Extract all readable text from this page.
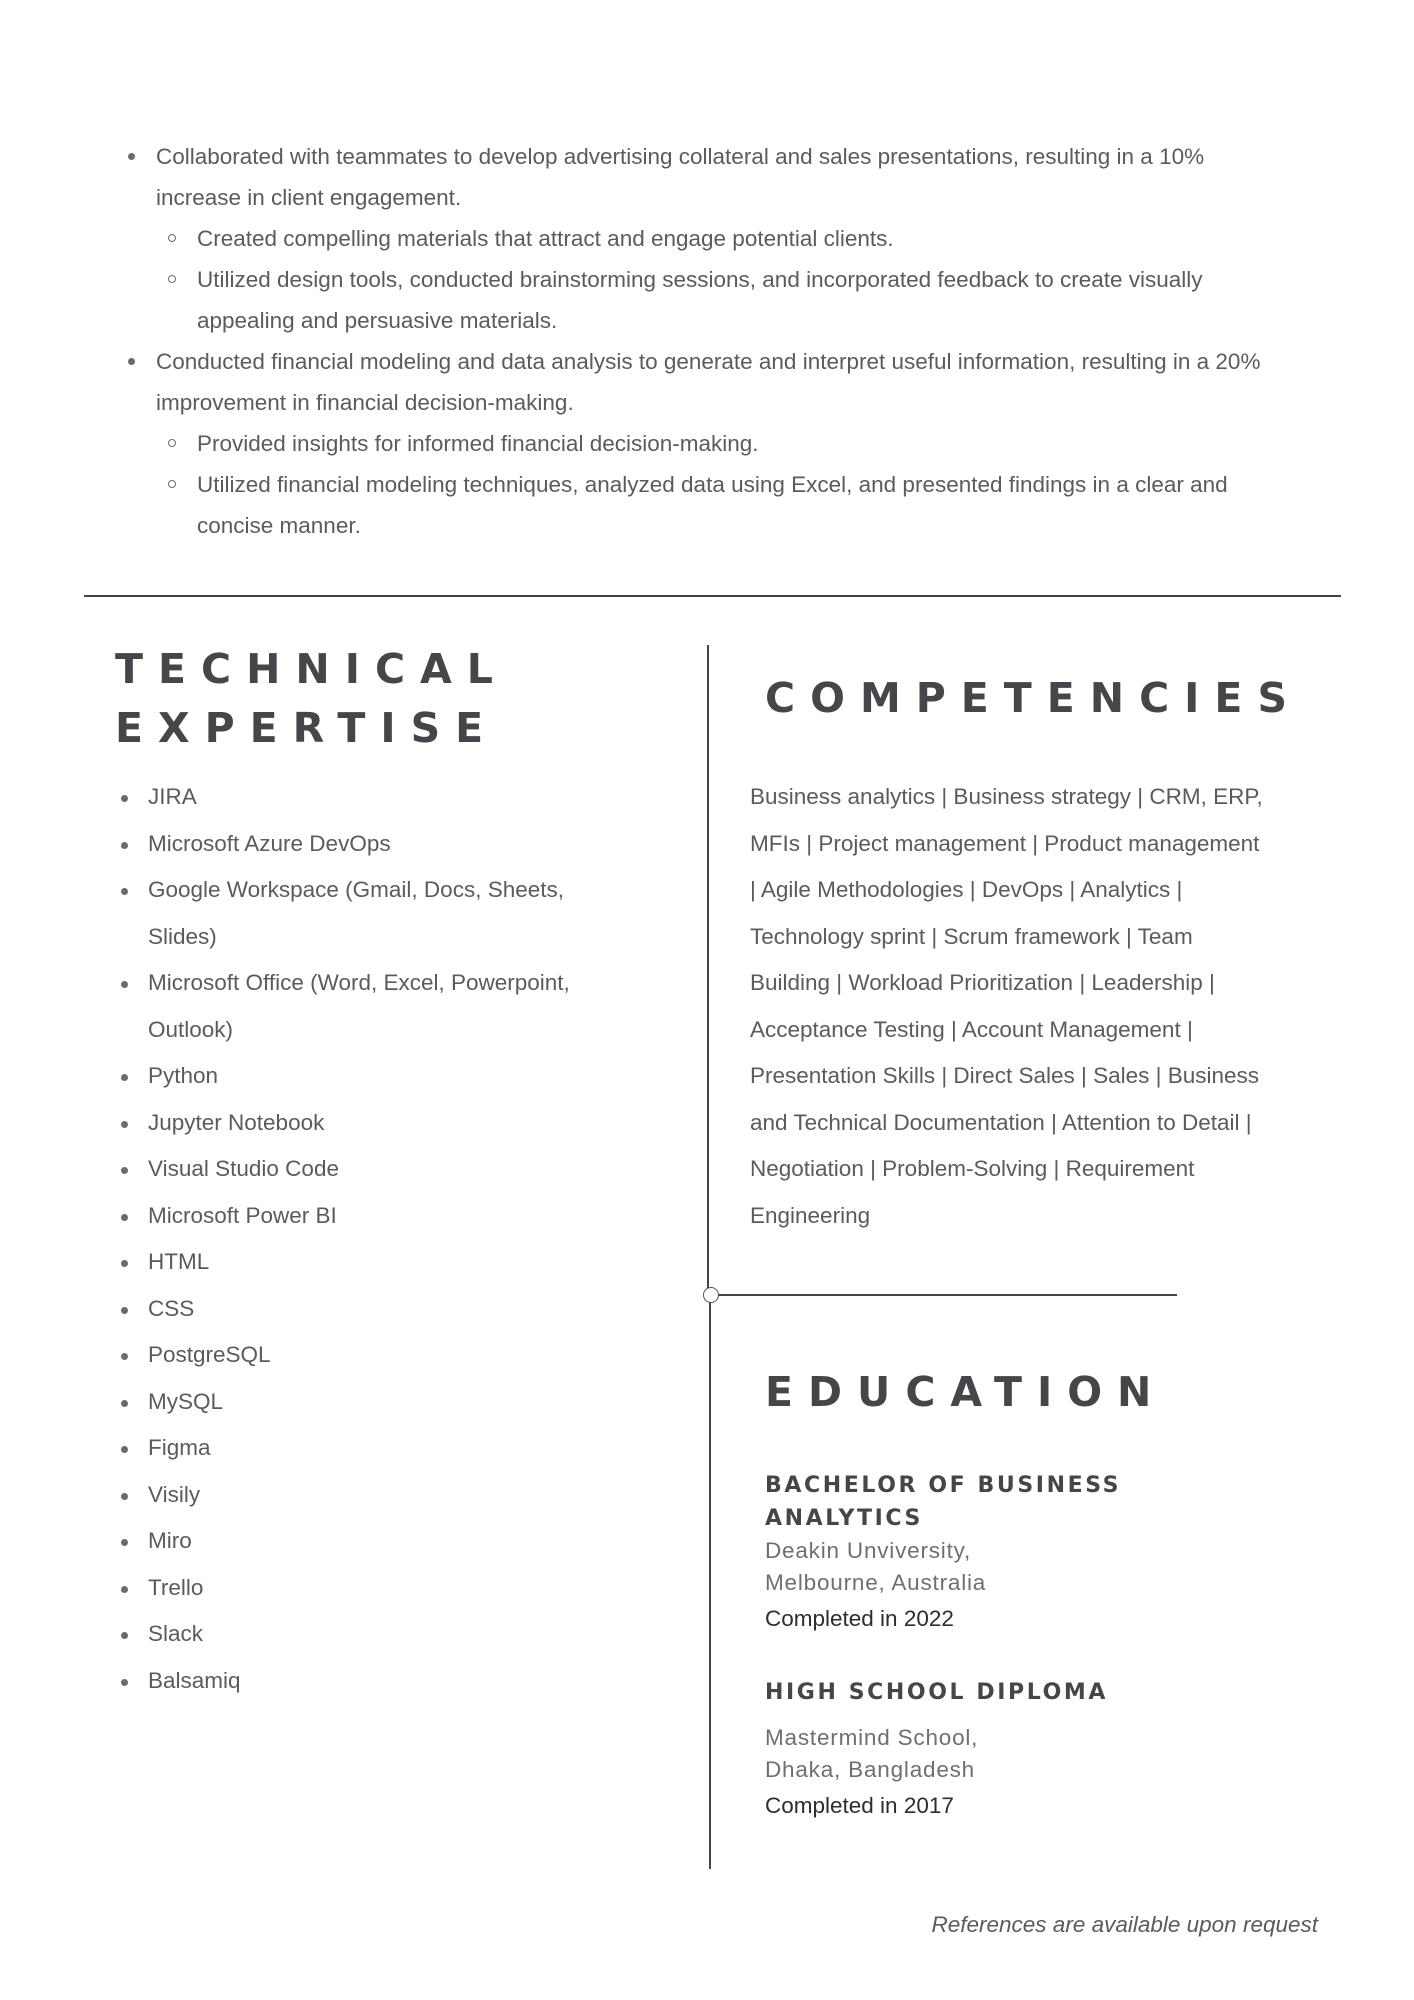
Collaborated with teammates to develop advertising collateral and sales presentations, resulting in a 10% increase in client engagement.
Created compelling materials that attract and engage potential clients.
Utilized design tools, conducted brainstorming sessions, and incorporated feedback to create visually appealing and persuasive materials.
Conducted financial modeling and data analysis to generate and interpret useful information, resulting in a 20% improvement in financial decision-making.
Provided insights for informed financial decision-making.
Utilized financial modeling techniques, analyzed data using Excel, and presented findings in a clear and concise manner.

TECHNICAL

EXPERTISE

JIRA
Microsoft Azure DevOps
Google Workspace (Gmail, Docs, Sheets, Slides)
Microsoft Office (Word, Excel, Powerpoint, Outlook)
Python
Jupyter Notebook
Visual Studio Code
Microsoft Power BI
HTML
CSS
PostgreSQL
MySQL
Figma
Visily
Miro
Trello
Slack
Balsamiq

COMPETENCIES

Business analytics | Business strategy | CRM, ERP, MFIs | Project management | Product management | Agile Methodologies | DevOps | Analytics | Technology sprint | Scrum framework | Team Building | Workload Prioritization | Leadership | Acceptance Testing | Account Management | Presentation Skills | Direct Sales | Sales | Business and Technical Documentation | Attention to Detail | Negotiation | Problem-Solving | Requirement Engineering

EDUCATION

BACHELOR OF BUSINESS
ANALYTICS
Deakin Unviversity,
Melbourne, Australia
Completed in 2022
HIGH SCHOOL DIPLOMA
Mastermind School,
Dhaka, Bangladesh
Completed in 2017
References are available upon request
